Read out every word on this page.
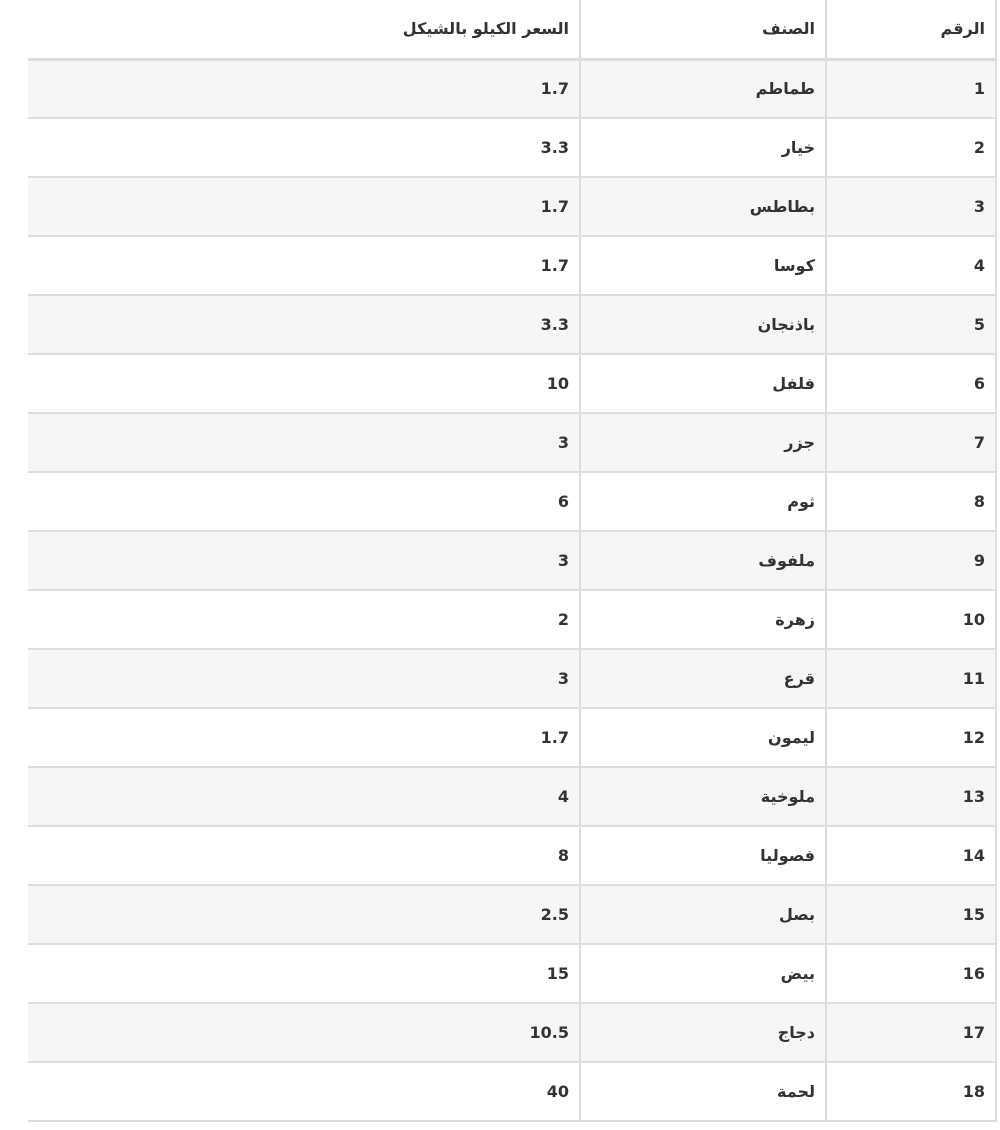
الرقم	الصنف	السعر الكيلو بالشيكل
1	طماطم	1.7
2	خيار	3.3
3	بطاطس	1.7
4	كوسا	1.7
5	باذنجان	3.3
6	فلفل	10
7	جزر	3
8	ثوم	6
9	ملفوف	3
10	زهرة	2
11	قرع	3
12	ليمون	1.7
13	ملوخية	4
14	فصوليا	8
15	بصل	2.5
16	بيض	15
17	دجاج	10.5
18	لحمة	40
